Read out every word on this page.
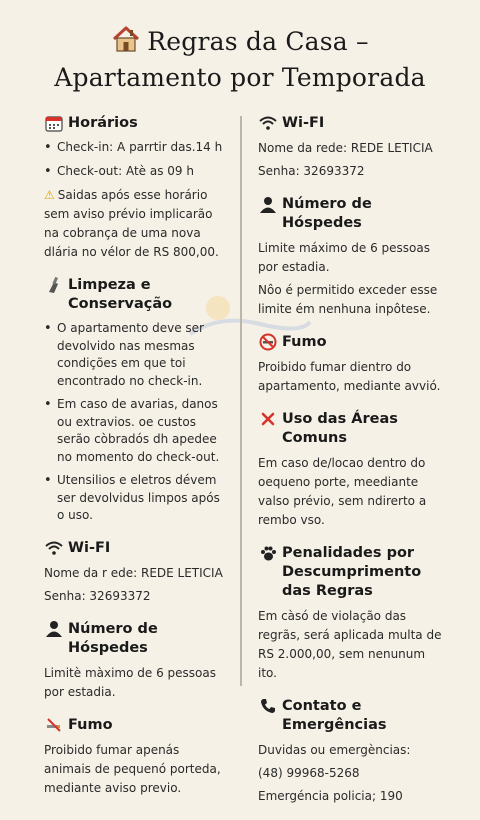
Regras da Casa –
Apartamento por Temporada
Horários
• Check-in: A parrtir das.14 h
• Check-out: Atè as 09 h
⚠ Saidas após esse horário sem aviso prévio implicarão na cobrança de uma nova dlária no vélor de RS 800,00.
Limpeza e Conservação
• O apartamento deve ser devolvido nas mesmas condições em que toi encontrado no check-in.
• Em caso de avarias, danos ou extravios. oe custos serão còbradós dh apedee no momento do check-out.
• Utensilios e eletros dévem ser devolvidus limpos após o uso.
Wi-FI
Nome da r ede: REDE LETICIA
Senha: 32693372
Número de Hóspedes
Limitè màximo de 6 pessoas por estadia.
Fumo
Proibido fumar apenás animais de pequenó porteda, mediante aviso previo.
Wi-FI
Nome da rede: REDE LETICIA
Senha: 32693372
Número de Hóspedes
Limite máximo de 6 pessoas por estadia.
Nôo é permitido exceder esse limite ém nenhuna inpôtese.
Fumo
Proibido fumar dientro do apartamento, mediante avvió.
Uso das Áreas Comuns
Em caso de/locao dentro do oequeno porte, meediante valso prévio, sem ndirerto a rembo vso.
Penalidades por Descumprimento das Regras
Em càsó de violação das regrãs, será aplicada multa de RS 2.000,00, sem nenunum ito.
Contato e Emergências
Duvidas ou emergèncias:
(48) 99968-5268
Emergéncia policia; 190
